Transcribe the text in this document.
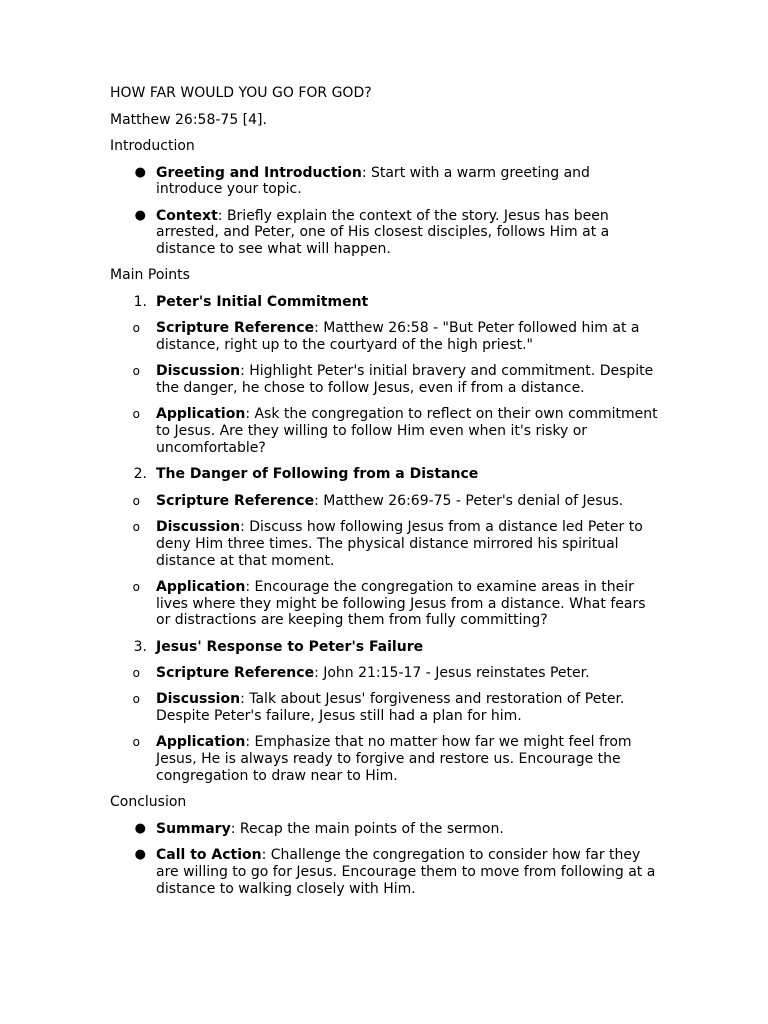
HOW FAR WOULD YOU GO FOR GOD?
Matthew 26:58-75 [4].
Introduction
● Greeting and Introduction: Start with a warm greeting and introduce your topic.
● Context: Briefly explain the context of the story. Jesus has been arrested, and Peter, one of His closest disciples, follows Him at a distance to see what will happen.
Main Points
1. Peter's Initial Commitment
o Scripture Reference: Matthew 26:58 - "But Peter followed him at a distance, right up to the courtyard of the high priest."
o Discussion: Highlight Peter's initial bravery and commitment. Despite the danger, he chose to follow Jesus, even if from a distance.
o Application: Ask the congregation to reflect on their own commitment to Jesus. Are they willing to follow Him even when it's risky or uncomfortable?
2. The Danger of Following from a Distance
o Scripture Reference: Matthew 26:69-75 - Peter's denial of Jesus.
o Discussion: Discuss how following Jesus from a distance led Peter to deny Him three times. The physical distance mirrored his spiritual distance at that moment.
o Application: Encourage the congregation to examine areas in their lives where they might be following Jesus from a distance. What fears or distractions are keeping them from fully committing?
3. Jesus' Response to Peter's Failure
o Scripture Reference: John 21:15-17 - Jesus reinstates Peter.
o Discussion: Talk about Jesus' forgiveness and restoration of Peter. Despite Peter's failure, Jesus still had a plan for him.
o Application: Emphasize that no matter how far we might feel from Jesus, He is always ready to forgive and restore us. Encourage the congregation to draw near to Him.
Conclusion
● Summary: Recap the main points of the sermon.
● Call to Action: Challenge the congregation to consider how far they are willing to go for Jesus. Encourage them to move from following at a distance to walking closely with Him.
